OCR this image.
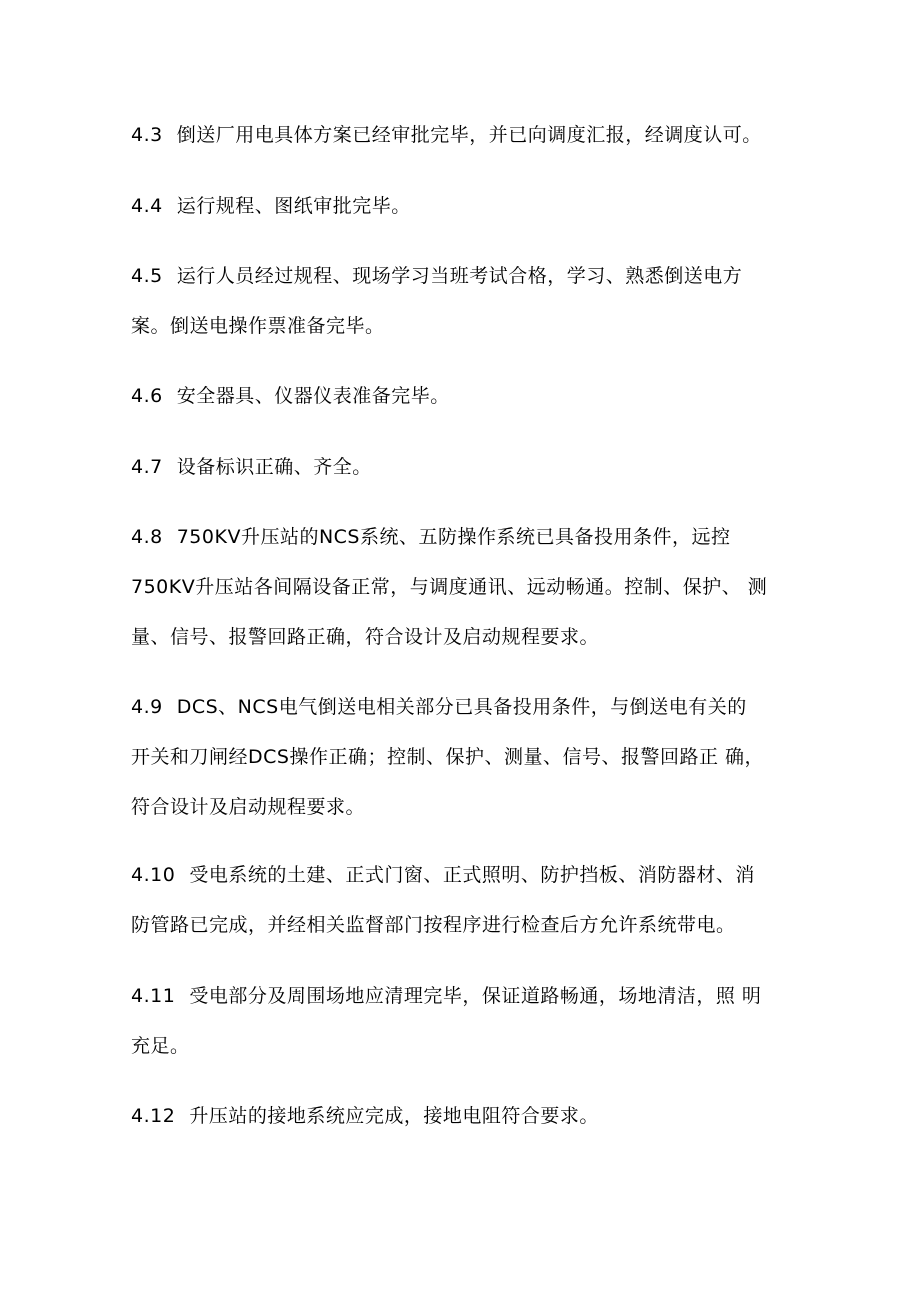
4.3 倒送厂用电具体方案已经审批完毕，并已向调度汇报，经调度认可。
4.4 运行规程、图纸审批完毕。
4.5 运行人员经过规程、现场学习当班考试合格，学习、熟悉倒送电方
案。倒送电操作票准备完毕。
4.6 安全器具、仪器仪表准备完毕。
4.7 设备标识正确、齐全。
4.8 750KV升压站的NCS系统、五防操作系统已具备投用条件，远控
750KV升压站各间隔设备正常，与调度通讯、远动畅通。控制、保护、 测
量、信号、报警回路正确，符合设计及启动规程要求。
4.9 DCS、NCS电气倒送电相关部分已具备投用条件，与倒送电有关的
开关和刀闸经DCS操作正确；控制、保护、测量、信号、报警回路正 确，
符合设计及启动规程要求。
4.10 受电系统的土建、正式门窗、正式照明、防护挡板、消防器材、消
防管路已完成，并经相关监督部门按程序进行检查后方允许系统带电。
4.11 受电部分及周围场地应清理完毕，保证道路畅通，场地清洁，照 明
充足。
4.12 升压站的接地系统应完成，接地电阻符合要求。
